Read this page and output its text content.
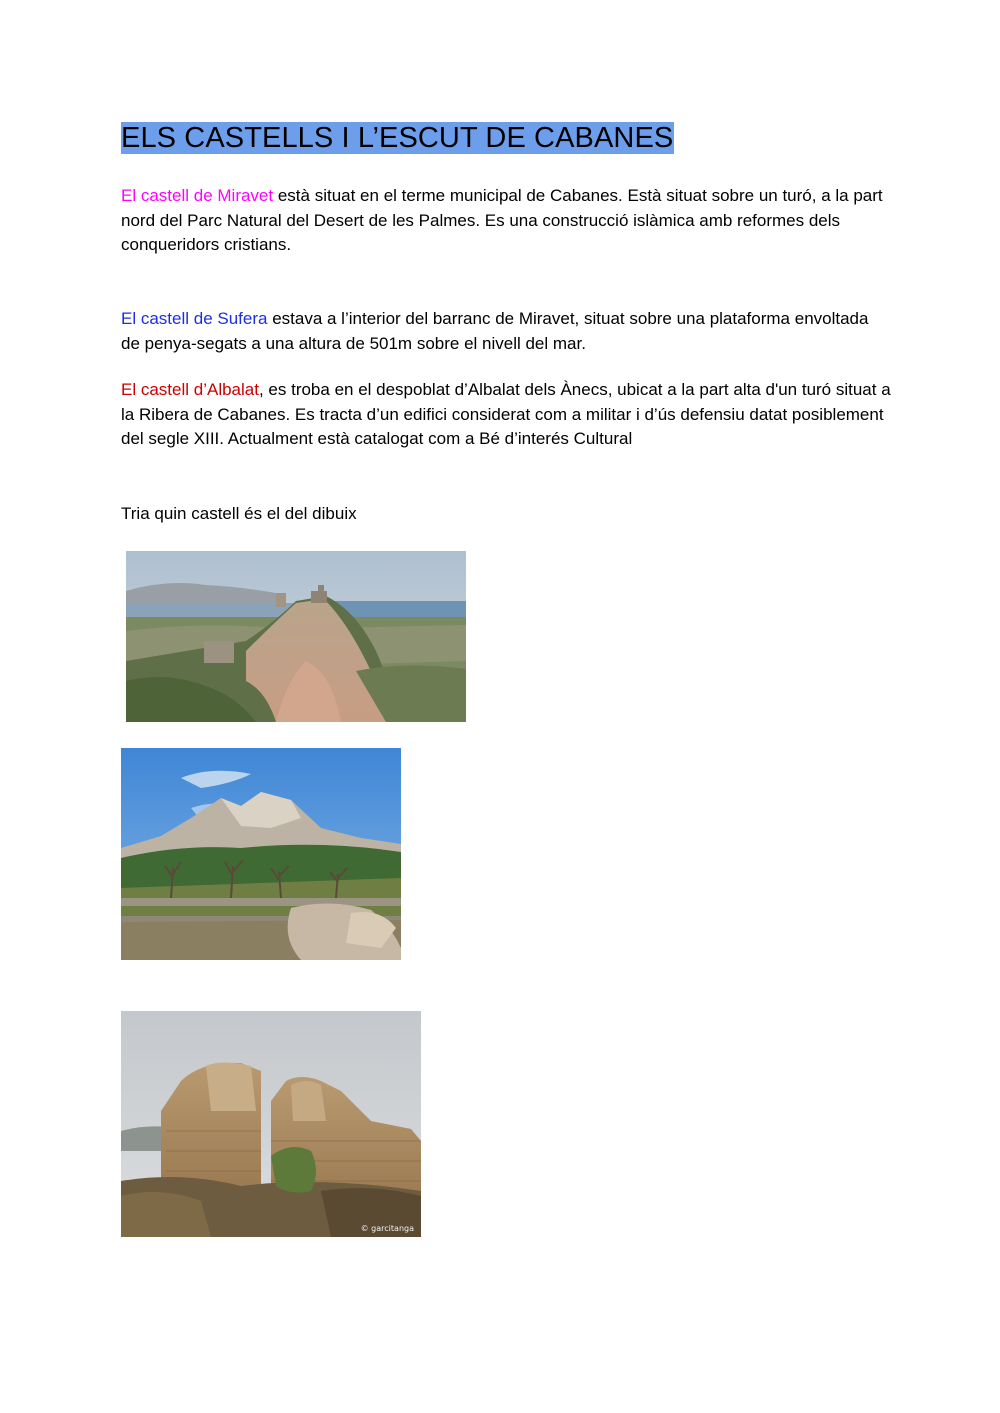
ELS CASTELLS I L’ESCUT DE CABANES

El castell de Miravet està situat en el terme municipal de Cabanes. Està situat sobre un turó, a la part nord del Parc Natural del Desert de les Palmes. Es una construcció islàmica amb reformes dels conqueridors cristians.

El castell de Sufera estava a l’interior del barranc de Miravet, situat sobre una plataforma envoltada de penya-segats a una altura de 501m sobre el nivell del mar.

El castell d’Albalat, es troba en el despoblat d’Albalat dels Ànecs, ubicat a la part alta d'un turó situat a la Ribera de Cabanes. Es tracta d’un edifici considerat com a militar i d’ús defensiu datat posiblement del segle XIII. Actualment està catalogat com a Bé d’interés Cultural

Tria quin castell és el del dibuix

© garcitanga
